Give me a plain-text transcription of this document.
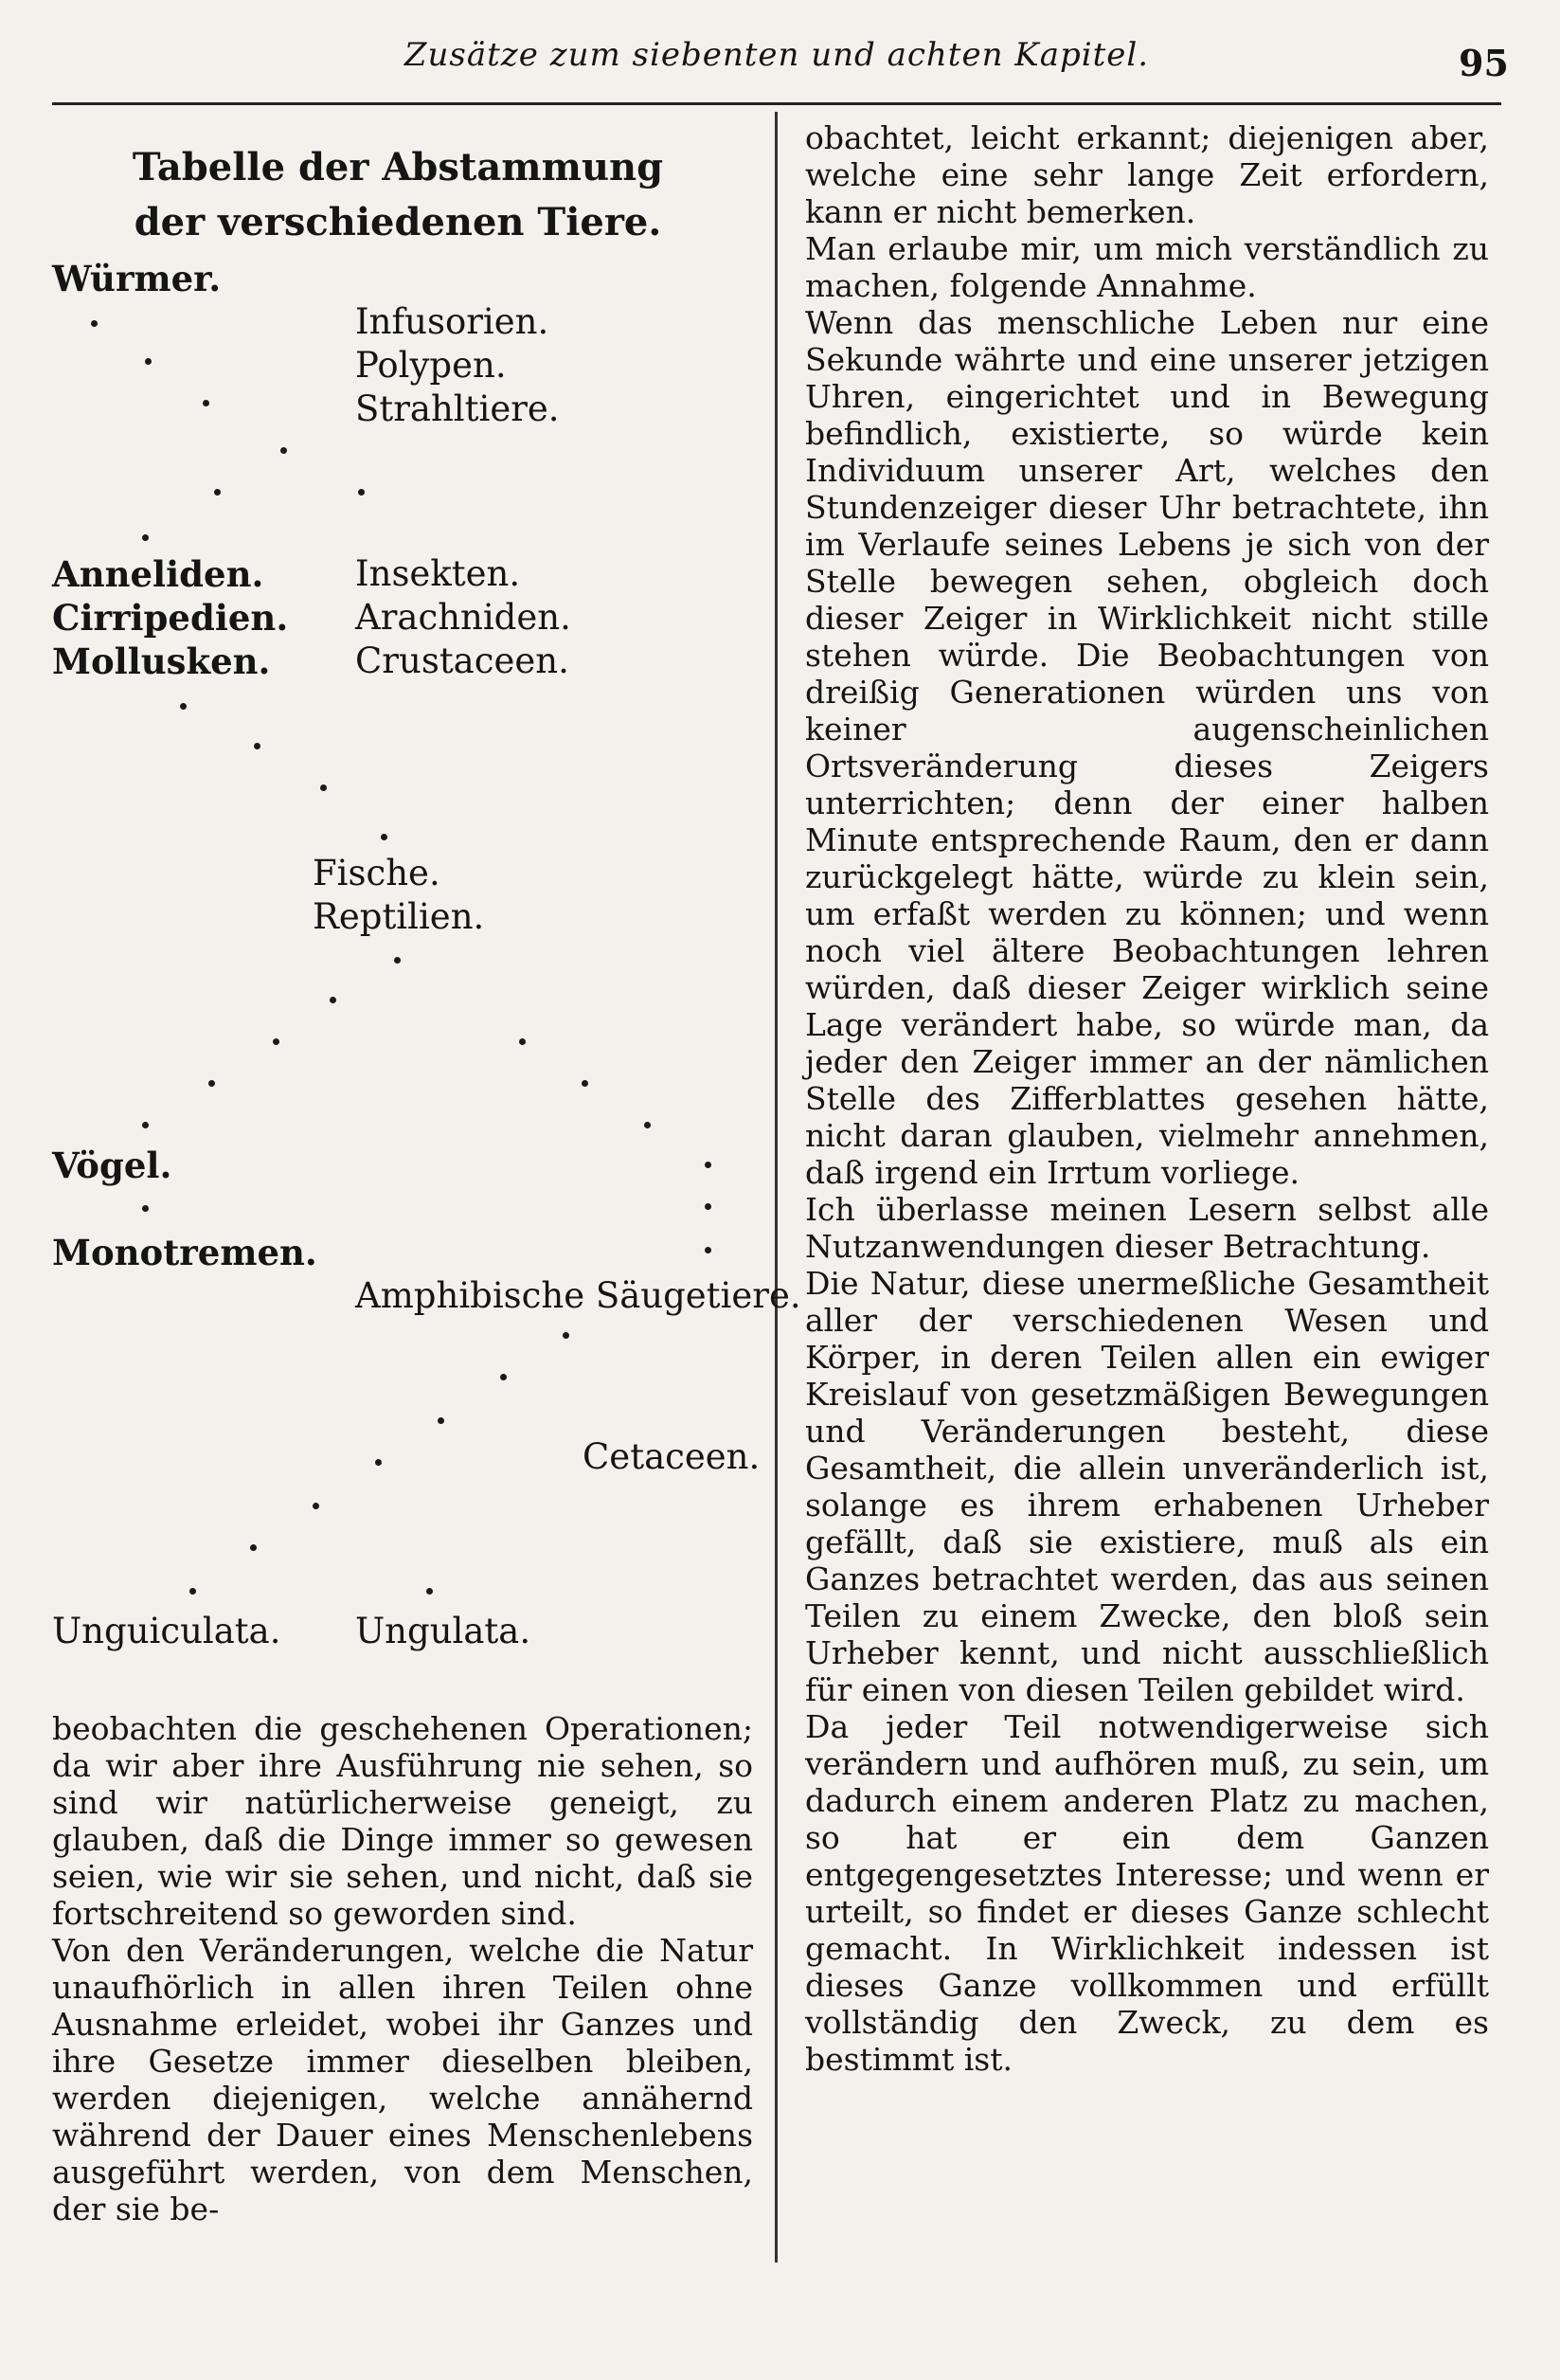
Zusätze zum siebenten und achten Kapitel.	95
Tabelle der Abstammung
der verschiedenen Tiere.
Würmer.
Infusorien.
Polypen.
Strahltiere.
Anneliden.	Insekten.
Cirripedien. Arachniden.
Mollusken. Crustaceen.
Fische.
Reptilien.
Vögel.
Monotremen.
Amphibische Säugetiere.
Cetaceen.
Unguiculata. Ungulata.
beobachten die geschehenen Operationen; da wir aber ihre Ausführung nie sehen, so sind wir natürlicherweise geneigt, zu glauben, daß die Dinge immer so gewesen seien, wie wir sie sehen, und nicht, daß sie fortschreitend so geworden sind.
Von den Veränderungen, welche die Natur unaufhörlich in allen ihren Teilen ohne Ausnahme erleidet, wobei ihr Ganzes und ihre Gesetze immer dieselben bleiben, werden diejenigen, welche annähernd während der Dauer eines Menschenlebens ausgeführt werden, von dem Menschen, der sie be-
obachtet, leicht erkannt; diejenigen aber, welche eine sehr lange Zeit erfordern, kann er nicht bemerken.
Man erlaube mir, um mich verständlich zu machen, folgende Annahme.
Wenn das menschliche Leben nur eine Sekunde währte und eine unserer jetzigen Uhren, eingerichtet und in Bewegung befindlich, existierte, so würde kein Individuum unserer Art, welches den Stundenzeiger dieser Uhr betrachtete, ihn im Verlaufe seines Lebens je sich von der Stelle bewegen sehen, obgleich doch dieser Zeiger in Wirklichkeit nicht stille stehen würde. Die Beobachtungen von dreißig Generationen würden uns von keiner augenscheinlichen Ortsveränderung dieses Zeigers unterrichten; denn der einer halben Minute entsprechende Raum, den er dann zurückgelegt hätte, würde zu klein sein, um erfaßt werden zu können; und wenn noch viel ältere Beobachtungen lehren würden, daß dieser Zeiger wirklich seine Lage verändert habe, so würde man, da jeder den Zeiger immer an der nämlichen Stelle des Zifferblattes gesehen hätte, nicht daran glauben, vielmehr annehmen, daß irgend ein Irrtum vorliege.
Ich überlasse meinen Lesern selbst alle Nutzanwendungen dieser Betrachtung.
Die Natur, diese unermeßliche Gesamtheit aller der verschiedenen Wesen und Körper, in deren Teilen allen ein ewiger Kreislauf von gesetzmäßigen Bewegungen und Veränderungen besteht, diese Gesamtheit, die allein unveränderlich ist, solange es ihrem erhabenen Urheber gefällt, daß sie existiere, muß als ein Ganzes betrachtet werden, das aus seinen Teilen zu einem Zwecke, den bloß sein Urheber kennt, und nicht ausschließlich für einen von diesen Teilen gebildet wird.
Da jeder Teil notwendigerweise sich verändern und aufhören muß, zu sein, um dadurch einem anderen Platz zu machen, so hat er ein dem Ganzen entgegengesetztes Interesse; und wenn er urteilt, so findet er dieses Ganze schlecht gemacht. In Wirklichkeit indessen ist dieses Ganze vollkommen und erfüllt vollständig den Zweck, zu dem es bestimmt ist.
